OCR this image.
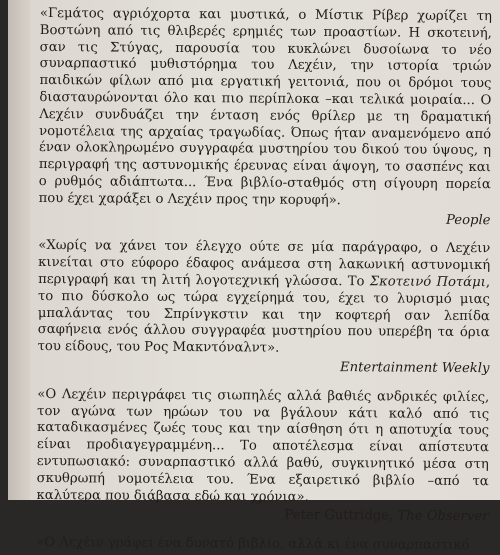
«Γεμάτος αγριόχορτα και μυστικά, ο Μίστικ Ρίβερ χωρίζει τη Βοστώνη από τις θλιβερές ερημιές των προαστίων. Η σκοτεινή, σαν τις Στύγας, παρουσία του κυκλώνει δυσοίωνα το νέο συναρπαστικό μυθιστόρημα του Λεχέιν, την ιστορία τριών παιδικών φίλων από μια εργατική γειτονιά, που οι δρόμοι τους διασταυρώνονται όλο και πιο περίπλοκα –και τελικά μοιραία... Ο Λεχέιν συνδυάζει την ένταση ενός θρίλερ με τη δραματική νομοτέλεια της αρχαίας τραγωδίας. Όπως ήταν αναμενόμενο από έναν ολοκληρωμένο συγγραφέα μυστηρίου του δικού του ύψους, η περιγραφή της αστυνομικής έρευνας είναι άψογη, το σασπένς και ο ρυθμός αδιάπτωτα... Ένα βιβλίο-σταθμός στη σίγουρη πορεία που έχει χαράξει ο Λεχέιν προς την κορυφή».

People

«Χωρίς να χάνει τον έλεγχο ούτε σε μία παράγραφο, ο Λεχέιν κινείται στο εύφορο έδαφος ανάμεσα στη λακωνική αστυνομική περιγραφή και τη λιτή λογοτεχνική γλώσσα. Το Σκοτεινό Ποτάμι, το πιο δύσκολο ως τώρα εγχείρημά του, έχει το λυρισμό μιας μπαλάντας του Σπρίνγκστιν και την κοφτερή σαν λεπίδα σαφήνεια ενός άλλου συγγραφέα μυστηρίου που υπερέβη τα όρια του είδους, του Ρος Μακντόναλντ».

Entertainment Weekly

«Ο Λεχέιν περιγράφει τις σιωπηλές αλλά βαθιές ανδρικές φιλίες, τον αγώνα των ηρώων του να βγάλουν κάτι καλό από τις καταδικασμένες ζωές τους και την αίσθηση ότι η αποτυχία τους είναι προδιαγεγραμμένη... Το αποτέλεσμα είναι απίστευτα εντυπωσιακό: συναρπαστικό αλλά βαθύ, συγκινητικό μέσα στη σκυθρωπή νομοτέλεια του. Ένα εξαιρετικό βιβλίο –από τα καλύτερα που διάβασα εδώ και χρόνια».

Peter Guttridge, The Observer
«Ο Λεχέιν γράφει ένα δυνατό βιβλίο, αλλά κι ένα συναρπαστικό
